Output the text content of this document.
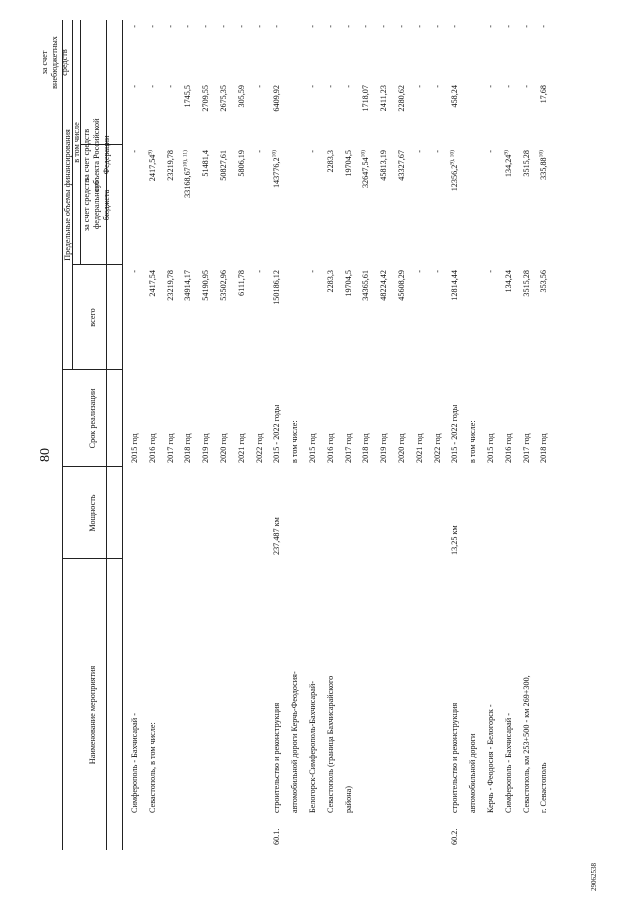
80
29062538
Наименование мероприятия
Мощность
Срок реализации
Предельные объемы финансирования
всего
в том числе
за счет средств федерального бюджета
за счет средств субъекта Российской Федерации
Симферополь - Бахчисарай -
2015 год
-
-
-
-
Севастополь, в том числе:
2016 год
2417,54
2417,54$^{9)}$
-
-
2017 год
23219,78
23219,78
-
-
2018 год
34914,17
$33168,67^{10), 11)}$
1745,5
-
2019 год
54190,95
51481,4
2709,55
-
2020 год
53502,96
50827,61
2675,35
-
2021 год
6111,78
5806,19
305,59
-
2022 год
-
-
-
-
60.1.
строительство и реконструкция
237,487 км
2015 - 2022 годы
150186,12
143776,2$^{10)}$
6409,92
-
автомобильной дороги Керчь-Феодосия-
в том числе:
Белогорск-Симферополь-Бахчисарай-
2015 год
-
-
-
-
Севастополь (граница Бахчисарайского
2016 год
2283,3
2283,3
-
-
района)
2017 год
19704,5
19704,5
-
-
2018 год
34365,61
32647,54$^{10)}$
1718,07
-
2019 год
48224,42
45813,19
2411,23
-
2020 год
45608,29
43327,67
2280,62
-
2021 год
-
-
-
-
2022 год
-
-
-
-
60.2.
строительство и реконструкция
13,25 км
2015 - 2022 годы
12814,44
$12356,2^{9), 10)}$
458,24
-
автомобильной дороги
в том числе:
Керчь - Феодосия - Белогорск -
2015 год
-
-
-
-
Симферополь - Бахчисарай -
2016 год
134,24
134,24$^{9)}$
-
-
Севастополь, км 253+500 - км 269+300,
2017 год
3515,28
3515,28
-
-
г. Севастополь
2018 год
353,56
335,88$^{10)}$
17,68
-
за счет внебюджетных средств
